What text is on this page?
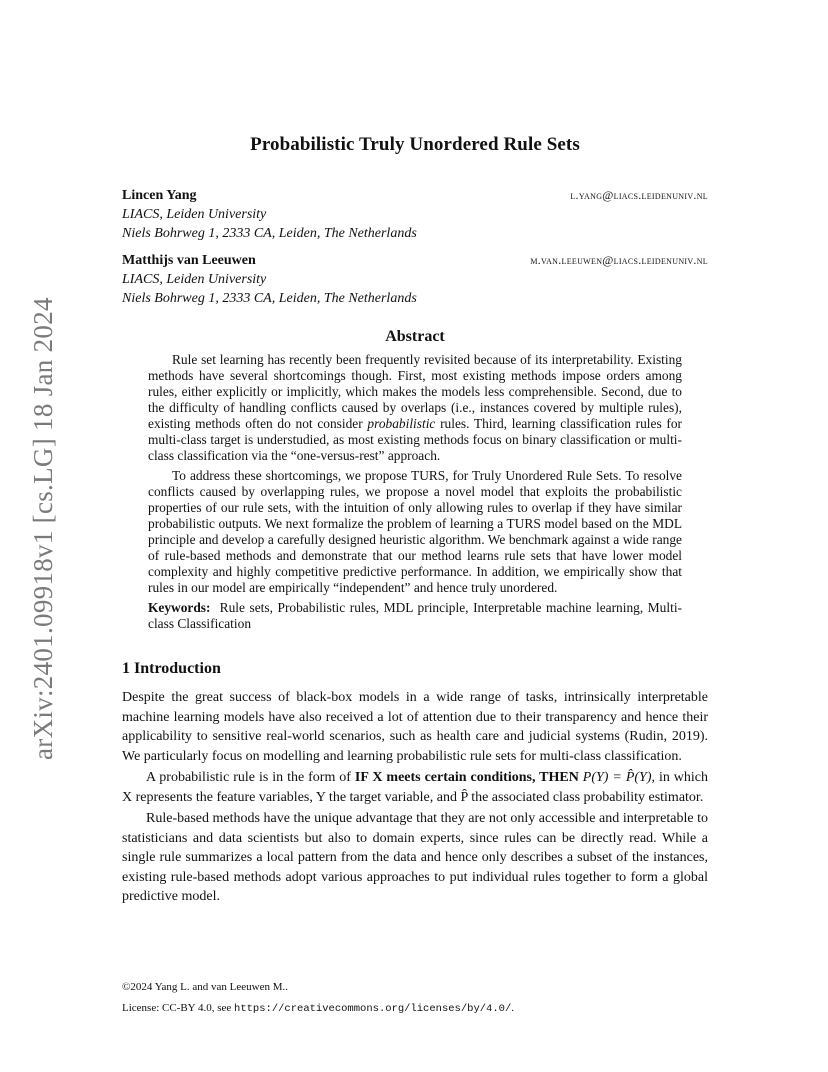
arXiv:2401.09918v1 [cs.LG] 18 Jan 2024
Probabilistic Truly Unordered Rule Sets
Lincen Yang	l.yang@liacs.leidenuniv.nl
LIACS, Leiden University
Niels Bohrweg 1, 2333 CA, Leiden, The Netherlands
Matthijs van Leeuwen	m.van.leeuwen@liacs.leidenuniv.nl
LIACS, Leiden University
Niels Bohrweg 1, 2333 CA, Leiden, The Netherlands
Abstract

Rule set learning has recently been frequently revisited because of its interpretability. Existing methods have several shortcomings though. First, most existing methods impose orders among rules, either explicitly or implicitly, which makes the models less comprehensible. Second, due to the difficulty of handling conflicts caused by overlaps (i.e., instances covered by multiple rules), existing methods often do not consider probabilistic rules. Third, learning classification rules for multi-class target is understudied, as most existing methods focus on binary classification or multi-class classification via the “one-versus-rest” approach.

To address these shortcomings, we propose TURS, for Truly Unordered Rule Sets. To resolve conflicts caused by overlapping rules, we propose a novel model that exploits the probabilistic properties of our rule sets, with the intuition of only allowing rules to overlap if they have similar probabilistic outputs. We next formalize the problem of learning a TURS model based on the MDL principle and develop a carefully designed heuristic algorithm. We benchmark against a wide range of rule-based methods and demonstrate that our method learns rule sets that have lower model complexity and highly competitive predictive performance. In addition, we empirically show that rules in our model are empirically “independent” and hence truly unordered.

Keywords: Rule sets, Probabilistic rules, MDL principle, Interpretable machine learning, Multi-class Classification

1 Introduction

Despite the great success of black-box models in a wide range of tasks, intrinsically interpretable machine learning models have also received a lot of attention due to their transparency and hence their applicability to sensitive real-world scenarios, such as health care and judicial systems (Rudin, 2019). We particularly focus on modelling and learning probabilistic rule sets for multi-class classification.

A probabilistic rule is in the form of IF X meets certain conditions, THEN P(Y) = P̂(Y), in which X represents the feature variables, Y the target variable, and P̂ the associated class probability estimator.

Rule-based methods have the unique advantage that they are not only accessible and interpretable to statisticians and data scientists but also to domain experts, since rules can be directly read. While a single rule summarizes a local pattern from the data and hence only describes a subset of the instances, existing rule-based methods adopt various approaches to put individual rules together to form a global predictive model.

©2024 Yang L. and van Leeuwen M..
License: CC-BY 4.0, see https://creativecommons.org/licenses/by/4.0/.
